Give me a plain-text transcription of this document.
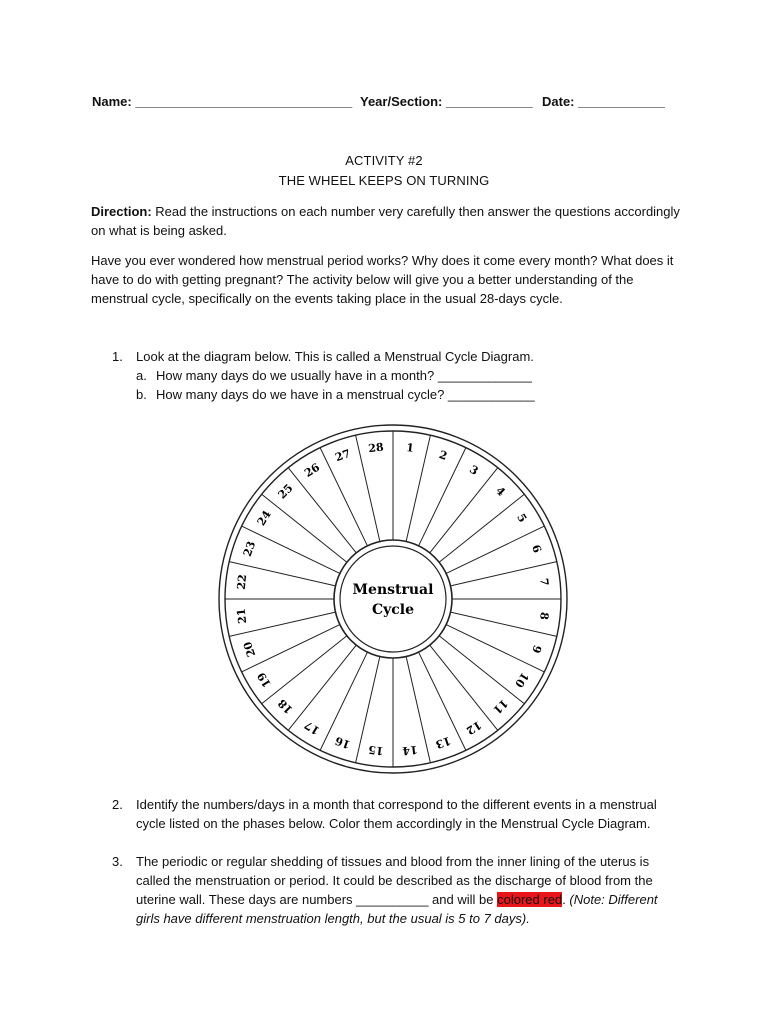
Name: ______________________________ Year/Section: ____________ Date: ____________
ACTIVITY #2
THE WHEEL KEEPS ON TURNING
Direction: Read the instructions on each number very carefully then answer the questions accordingly on what is being asked.
Have you ever wondered how menstrual period works? Why does it come every month? What does it have to do with getting pregnant? The activity below will give you a better understanding of the menstrual cycle, specifically on the events taking place in the usual 28-days cycle.
1. Look at the diagram below. This is called a Menstrual Cycle Diagram.
a. How many days do we usually have in a month? _____________
b. How many days do we have in a menstrual cycle? ____________
1
2
3
4
5
6
7
8
9
10
11
12
13
14
15
16
17
18
19
20
21
22
23
24
25
26
27 28
Menstrual
Cycle
2. Identify the numbers/days in a month that correspond to the different events in a menstrual cycle listed on the phases below. Color them accordingly in the Menstrual Cycle Diagram.
3. The periodic or regular shedding of tissues and blood from the inner lining of the uterus is called the menstruation or period. It could be described as the discharge of blood from the uterine wall. These days are numbers __________ and will be colored red. (Note: Different girls have different menstruation length, but the usual is 5 to 7 days).
